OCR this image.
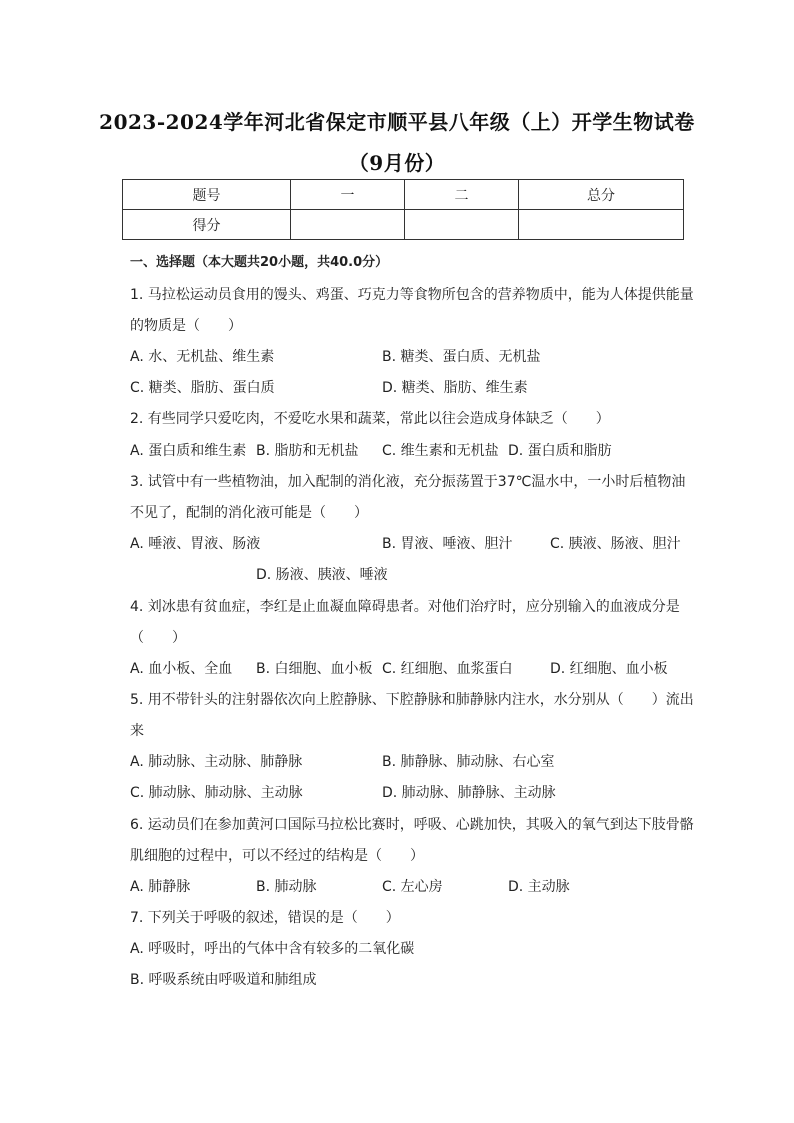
2023-2024学年河北省保定市顺平县八年级（上）开学生物试卷
（9月份）
题号	一	二	总分
得分			
一、选择题（本大题共20小题，共40.0分）
1. 马拉松运动员食用的馒头、鸡蛋、巧克力等食物所包含的营养物质中，能为人体提供能量
的物质是（　　）
A. 水、无机盐、维生素	B. 糖类、蛋白质、无机盐
C. 糖类、脂肪、蛋白质	D. 糖类、脂肪、维生素
2. 有些同学只爱吃肉，不爱吃水果和蔬菜，常此以往会造成身体缺乏（　　）
A. 蛋白质和维生素 B. 脂肪和无机盐 C. 维生素和无机盐 D. 蛋白质和脂肪
3. 试管中有一些植物油，加入配制的消化液，充分振荡置于37℃温水中，一小时后植物油
不见了，配制的消化液可能是（　　）
A. 唾液、胃液、肠液	B. 胃液、唾液、胆汁	C. 胰液、肠液、胆汁
D. 肠液、胰液、唾液
4. 刘冰患有贫血症，李红是止血凝血障碍患者。对他们治疗时，应分别输入的血液成分是
（　　）
A. 血小板、全血 B. 白细胞、血小板 C. 红细胞、血浆蛋白	D. 红细胞、血小板
5. 用不带针头的注射器依次向上腔静脉、下腔静脉和肺静脉内注水，水分别从（　　）流出
来
A. 肺动脉、主动脉、肺静脉	B. 肺静脉、肺动脉、右心室
C. 肺动脉、肺动脉、主动脉	D. 肺动脉、肺静脉、主动脉
6. 运动员们在参加黄河口国际马拉松比赛时，呼吸、心跳加快，其吸入的氧气到达下肢骨骼
肌细胞的过程中，可以不经过的结构是（　　）
A. 肺静脉	B. 肺动脉	C. 左心房	D. 主动脉
7. 下列关于呼吸的叙述，错误的是（　　）
A. 呼吸时，呼出的气体中含有较多的二氧化碳
B. 呼吸系统由呼吸道和肺组成
